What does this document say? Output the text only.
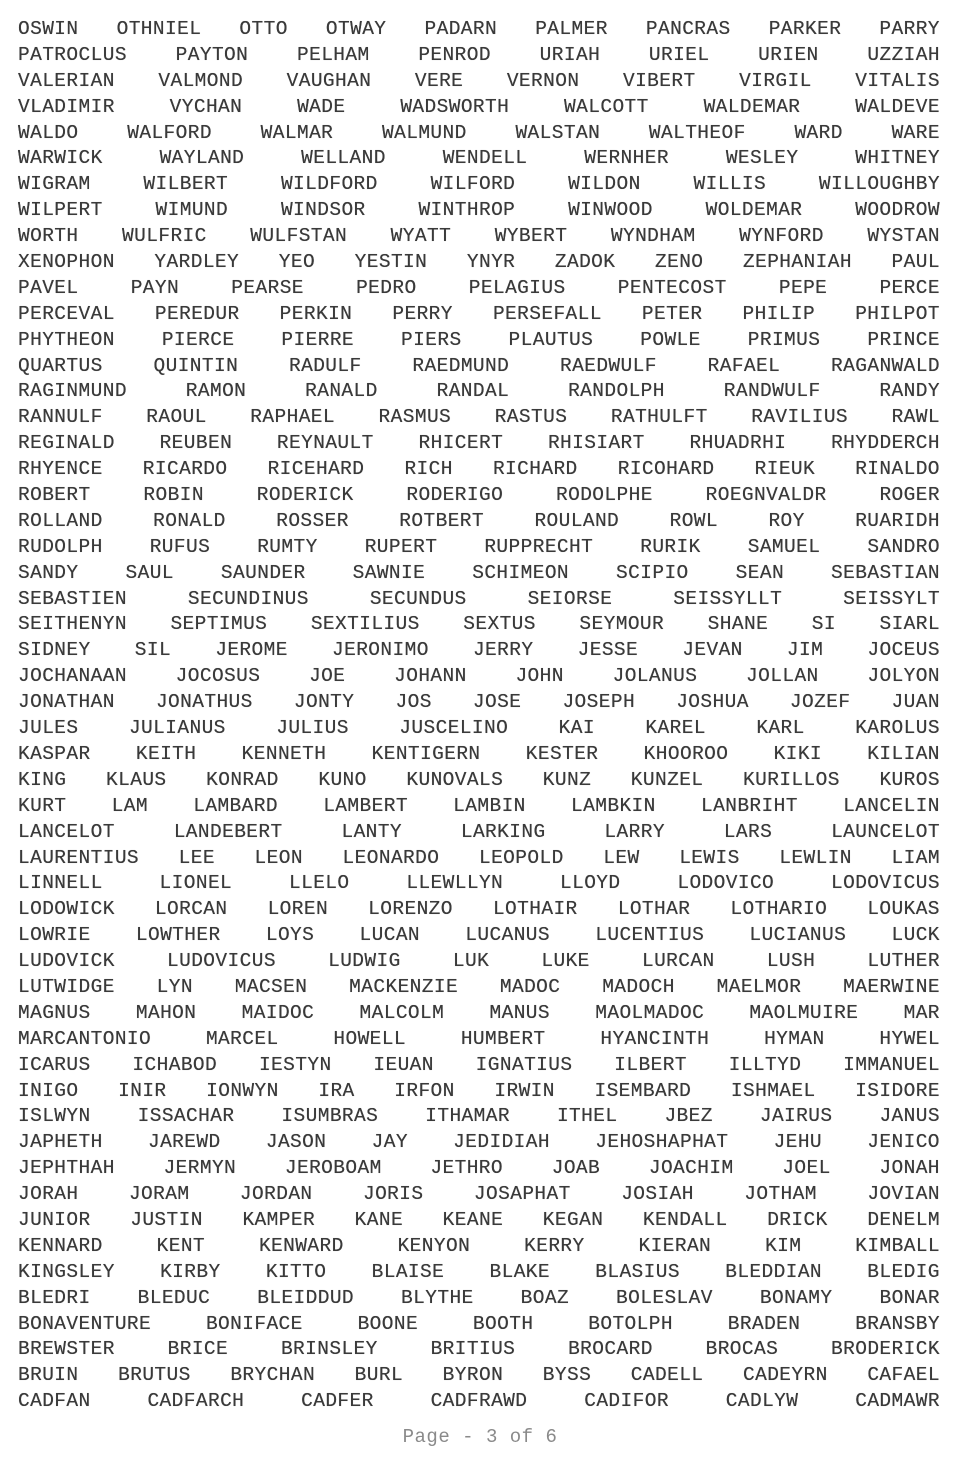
OSWIN OTHNIEL OTTO OTWAY PADARN PALMER PANCRAS PARKER PARRY
PATROCLUS PAYTON PELHAM PENROD URIAH URIEL URIEN UZZIAH
VALERIAN VALMOND VAUGHAN VERE VERNON VIBERT VIRGIL VITALIS
VLADIMIR	VYCHAN	WADE	WADSWORTH	WALCOTT	WALDEMAR	WALDEVE
WALDO WALFORD WALMAR WALMUND WALSTAN WALTHEOF WARD WARE
WARWICK	WAYLAND	WELLAND	WENDELL	WERNHER	WESLEY	WHITNEY
WIGRAM	WILBERT	WILDFORD	WILFORD	WILDON	WILLIS	WILLOUGHBY
WILPERT	WIMUND	WINDSOR	WINTHROP	WINWOOD	WOLDEMAR	WOODROW
WORTH WULFRIC WULFSTAN WYATT WYBERT WYNDHAM WYNFORD WYSTAN
XENOPHON YARDLEY YEO YESTIN YNYR ZADOK ZENO ZEPHANIAH PAUL
PAVEL	PAYN	PEARSE	PEDRO	PELAGIUS	PENTECOST	PEPE	PERCE
PERCEVAL PEREDUR PERKIN PERRY PERSEFALL PETER PHILIP PHILPOT
PHYTHEON PIERCE PIERRE PIERS PLAUTUS POWLE PRIMUS PRINCE
QUARTUS	QUINTIN	RADULF	RAEDMUND	RAEDWULF	RAFAEL	RAGANWALD
RAGINMUND	RAMON	RANALD	RANDAL	RANDOLPH	RANDWULF	RANDY
RANNULF RAOUL RAPHAEL RASMUS RASTUS RATHULFT RAVILIUS RAWL
REGINALD REUBEN REYNAULT RHICERT RHISIART RHUADRHI RHYDDERCH
RHYENCE RICARDO RICEHARD RICH RICHARD RICOHARD RIEUK RINALDO
ROBERT	ROBIN	RODERICK	RODERIGO	RODOLPHE	ROEGNVALDR	ROGER
ROLLAND	RONALD	ROSSER	ROTBERT	ROULAND	ROWL	ROY	RUARIDH
RUDOLPH RUFUS RUMTY RUPERT RUPPRECHT RURIK SAMUEL SANDRO
SANDY SAUL SAUNDER SAWNIE SCHIMEON SCIPIO SEAN SEBASTIAN
SEBASTIEN	SECUNDINUS	SECUNDUS	SEIORSE	SEISSYLLT	SEISSYLT
SEITHENYN SEPTIMUS SEXTILIUS SEXTUS SEYMOUR SHANE SI SIARL
SIDNEY SIL JEROME JERONIMO JERRY JESSE JEVAN JIM JOCEUS
JOCHANAAN JOCOSUS JOE JOHANN JOHN JOLANUS JOLLAN JOLYON
JONATHAN JONATHUS JONTY JOS JOSE JOSEPH JOSHUA JOZEF JUAN
JULES	JULIANUS	JULIUS	JUSCELINO	KAI	KAREL	KARL	KAROLUS
KASPAR KEITH KENNETH KENTIGERN KESTER KHOOROO KIKI KILIAN
KING KLAUS KONRAD KUNO KUNOVALS KUNZ KUNZEL KURILLOS KUROS
KURT LAM LAMBARD LAMBERT LAMBIN LAMBKIN LANBRIHT LANCELIN
LANCELOT	LANDEBERT	LANTY	LARKING	LARRY	LARS	LAUNCELOT
LAURENTIUS LEE LEON LEONARDO LEOPOLD LEW LEWIS LEWLIN LIAM
LINNELL	LIONEL	LLELO	LLEWLLYN	LLOYD	LODOVICO	LODOVICUS
LODOWICK LORCAN LOREN LORENZO LOTHAIR LOTHAR LOTHARIO LOUKAS
LOWRIE LOWTHER LOYS LUCAN LUCANUS LUCENTIUS LUCIANUS LUCK
LUDOVICK	LUDOVICUS	LUDWIG	LUK	LUKE	LURCAN	LUSH	LUTHER
LUTWIDGE LYN MACSEN MACKENZIE MADOC MADOCH MAELMOR MAERWINE
MAGNUS MAHON MAIDOC MALCOLM MANUS MAOLMADOC MAOLMUIRE MAR
MARCANTONIO	MARCEL	HOWELL	HUMBERT	HYANCINTH	HYMAN	HYWEL
ICARUS ICHABOD IESTYN IEUAN IGNATIUS ILBERT ILLTYD IMMANUEL
INIGO INIR IONWYN IRA IRFON IRWIN ISEMBARD ISHMAEL ISIDORE
ISLWYN ISSACHAR ISUMBRAS ITHAMAR ITHEL JBEZ JAIRUS JANUS
JAPHETH JAREWD JASON JAY JEDIDIAH JEHOSHAPHAT JEHU JENICO
JEPHTHAH JERMYN JEROBOAM JETHRO JOAB JOACHIM JOEL JONAH
JORAH	JORAM	JORDAN	JORIS	JOSAPHAT	JOSIAH	JOTHAM	JOVIAN
JUNIOR JUSTIN KAMPER KANE KEANE KEGAN KENDALL DRICK DENELM
KENNARD	KENT	KENWARD	KENYON	KERRY	KIERAN	KIM	KIMBALL
KINGSLEY KIRBY KITTO BLAISE BLAKE BLASIUS BLEDDIAN BLEDIG
BLEDRI BLEDUC BLEIDDUD BLYTHE BOAZ BOLESLAV BONAMY BONAR
BONAVENTURE	BONIFACE	BOONE	BOOTH	BOTOLPH	BRADEN	BRANSBY
BREWSTER	BRICE	BRINSLEY	BRITIUS	BROCARD	BROCAS	BRODERICK
BRUIN BRUTUS BRYCHAN BURL BYRON BYSS CADELL CADEYRN CAFAEL
CADFAN	CADFARCH	CADFER	CADFRAWD	CADIFOR	CADLYW	CADMAWR
Page - 3 of 6
